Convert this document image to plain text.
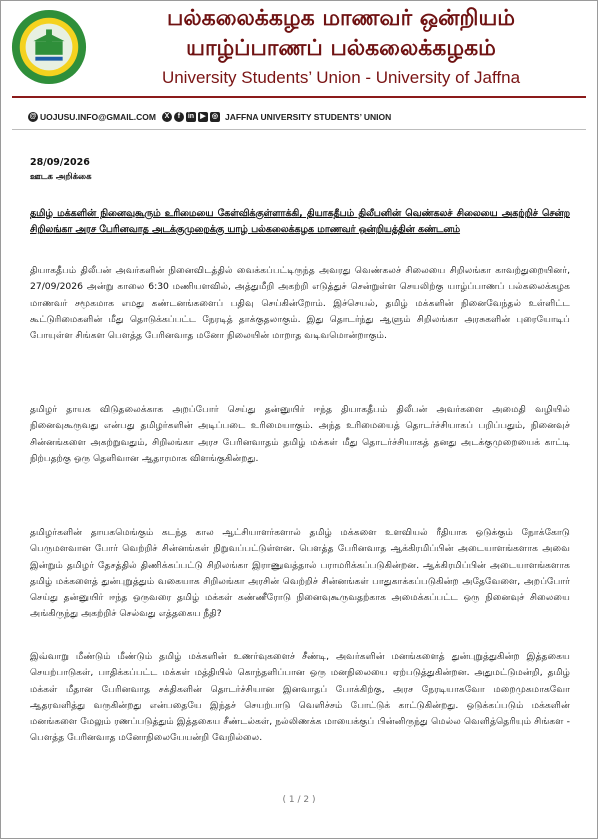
பல்கலைக்கழக மாணவர் ஒன்றியம்
யாழ்ப்பாணப் பல்கலைக்கழகம்
University Students’ Union - University of Jaffna
@ UOJUSU.INFO@GMAIL.COM	X	f	in ▶ ◎ JAFFNA UNIVERSITY STUDENTS’ UNION
28/09/2026
ஊடக அறிக்கை

தமிழ் மக்களின் நினைவுகூரும் உரிமையை கேள்விக்குள்ளாக்கி, தியாகதீபம் திலீபனின் வெண்கலச் சிலையை அகற்றிச் சென்ற சிறிலங்கா அரச பேரினவாத அடக்குமுறைக்கு யாழ் பல்கலைக்கழக மாணவர் ஒன்றியத்தின் கண்டனம்

தியாகதீபம் திலீபன் அவர்களின் நினைவிடத்தில் வைக்கப்பட்டிருந்த அவரது வெண்கலச் சிலையை சிறிலங்கா காவற்துறையினர், 27/09/2026 அன்று காலை 6:30 மணியளவில், அத்துமீறி அகற்றி எடுத்துச் சென்றுள்ள செயலிற்கு யாழ்ப்பாணப் பல்கலைக்கழக மாணவர் சமூகமாக எமது கண்டனங்களைப் பதிவு செய்கின்றோம். இச்செயல், தமிழ் மக்களின் நினைவேந்தல் உள்ளிட்ட கூட்டுரிமைகளின் மீது தொடுக்கப்பட்ட நேரடித் தாக்குதலாகும். இது தொடர்ந்து ஆளும் சிறிலங்கா அரசுகளின் புரையோடிப் போயுள்ள சிங்கள பௌத்த பேரினவாத மனோ நிலையின் மாறாத வடிவமொன்றாகும்.

தமிழர் தாயக விடுதலைக்காக அறப்போர் செய்து தன்னுயிர் ஈந்த தியாகதீபம் திலீபன் அவர்களை அமைதி வழியில் நினைவுகூருவது என்பது தமிழர்களின் அடிப்படை உரிமையாகும். அந்த உரிமையைத் தொடர்ச்சியாகப் பறிப்பதும், நினைவுச் சின்னங்களை அகற்றுவதும், சிறிலங்கா அரச பேரினவாதம் தமிழ் மக்கள் மீது தொடர்ச்சியாகத் தனது அடக்குமுறையைக் காட்டி நிற்பதற்கு ஒரு தெளிவான ஆதாரமாக விளங்குகின்றது.

தமிழர்களின் தாயகமெங்கும் கடந்த கால ஆட்சியாளர்களால் தமிழ் மக்களை உளவியல் ரீதியாக ஒடுக்கும் நோக்கோடு பெருமளவான போர் வெற்றிச் சின்னங்கள் நிறுவப்பட்டுள்ளன. பௌத்த பேரினவாத ஆக்கிரமிப்பின் அடையாளங்களாக அவை இன்றும் தமிழர் தேசத்தில் திணிக்கப்பட்டு சிறிலங்கா இராணுவத்தால் பராமரிக்கப்படுகின்றன. ஆக்கிரமிப்பின் அடையாளங்களாக தமிழ் மக்களைத் துன்புறுத்தும் வகையாக சிறிலங்கா அரசின் வெற்றிச் சின்னங்கள் பாதுகாக்கப்படுகின்ற அதேவேளை, அறப்போர் செய்து தன்னுயிர் ஈந்த ஒருவரை தமிழ் மக்கள் கண்ணீரோடு நினைவுகூருவதற்காக அமைக்கப்பட்ட ஒரு நினைவுச் சிலையை அங்கிருந்து அகற்றிச் செல்வது எத்தகைய நீதி?

இவ்வாறு மீண்டும் மீண்டும் தமிழ் மக்களின் உணர்வுகளைச் சீண்டி, அவர்களின் மனங்களைத் துன்புறுத்துகின்ற இத்தகைய செயற்பாடுகள், பாதிக்கப்பட்ட மக்கள் மத்தியில் கொந்தளிப்பான ஒரு மனநிலையை ஏற்படுத்துகின்றன. அதுமட்டுமன்றி, தமிழ் மக்கள் மீதான பேரினவாத சக்திகளின் தொடர்ச்சியான இனவாதப் போக்கிற்கு, அரச நேரடியாகவோ மறைமுகமாகவோ ஆதரவளித்து வருகின்றது என்பதையே இந்தச் செயற்பாடு வெளிச்சம் போட்டுக் காட்டுகின்றது. ஒடுக்கப்படும் மக்களின் மனங்களை மேலும் ரணப்படுத்தும் இத்தகைய சீண்டல்கள், நல்லிணக்க மாயைக்குப் பின்னிருந்து மெல்ல வெளித்தெரியும் சிங்கள - பௌத்த பேரினவாத மனோநிலையேயன்றி வேறில்லை.

( 1 / 2 )
